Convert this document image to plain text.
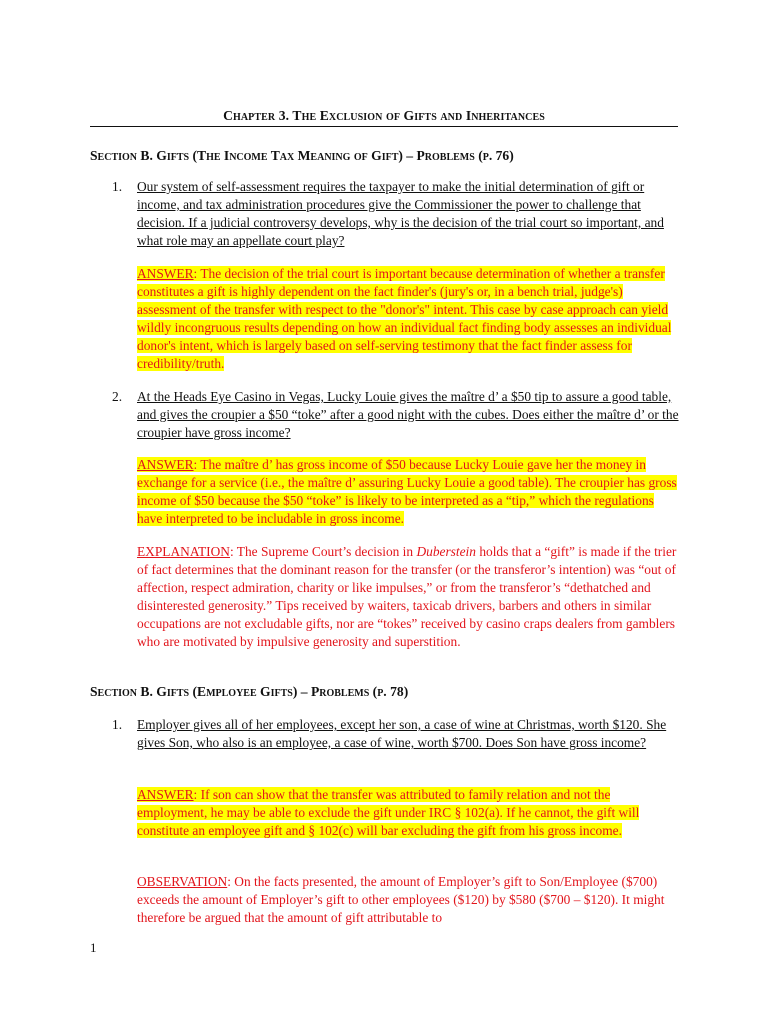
Chapter 3. The Exclusion of Gifts and Inheritances
Section B. Gifts (The Income Tax Meaning of Gift) – Problems (p. 76)
1. Our system of self-assessment requires the taxpayer to make the initial determination of gift or income, and tax administration procedures give the Commissioner the power to challenge that decision. If a judicial controversy develops, why is the decision of the trial court so important, and what role may an appellate court play?
ANSWER: The decision of the trial court is important because determination of whether a transfer constitutes a gift is highly dependent on the fact finder's (jury's or, in a bench trial, judge's) assessment of the transfer with respect to the "donor's" intent. This case by case approach can yield wildly incongruous results depending on how an individual fact finding body assesses an individual donor's intent, which is largely based on self-serving testimony that the fact finder assess for credibility/truth.
2. At the Heads Eye Casino in Vegas, Lucky Louie gives the maître d’ a $50 tip to assure a good table, and gives the croupier a $50 “toke” after a good night with the cubes. Does either the maître d’ or the croupier have gross income?
ANSWER: The maître d’ has gross income of $50 because Lucky Louie gave her the money in exchange for a service (i.e., the maître d’ assuring Lucky Louie a good table). The croupier has gross income of $50 because the $50 “toke” is likely to be interpreted as a “tip,” which the regulations have interpreted to be includable in gross income.
EXPLANATION: The Supreme Court’s decision in Duberstein holds that a “gift” is made if the trier of fact determines that the dominant reason for the transfer (or the transferor’s intention) was “out of affection, respect admiration, charity or like impulses,” or from the transferor’s “dethatched and disinterested generosity.” Tips received by waiters, taxicab drivers, barbers and others in similar occupations are not excludable gifts, nor are “tokes” received by casino craps dealers from gamblers who are motivated by impulsive generosity and superstition.
Section B. Gifts (Employee Gifts) – Problems (p. 78)
1. Employer gives all of her employees, except her son, a case of wine at Christmas, worth $120. She gives Son, who also is an employee, a case of wine, worth $700. Does Son have gross income?
ANSWER: If son can show that the transfer was attributed to family relation and not the employment, he may be able to exclude the gift under IRC § 102(a). If he cannot, the gift will constitute an employee gift and § 102(c) will bar excluding the gift from his gross income.
OBSERVATION: On the facts presented, the amount of Employer’s gift to Son/Employee ($700) exceeds the amount of Employer’s gift to other employees ($120) by $580 ($700 – $120). It might therefore be argued that the amount of gift attributable to
1
